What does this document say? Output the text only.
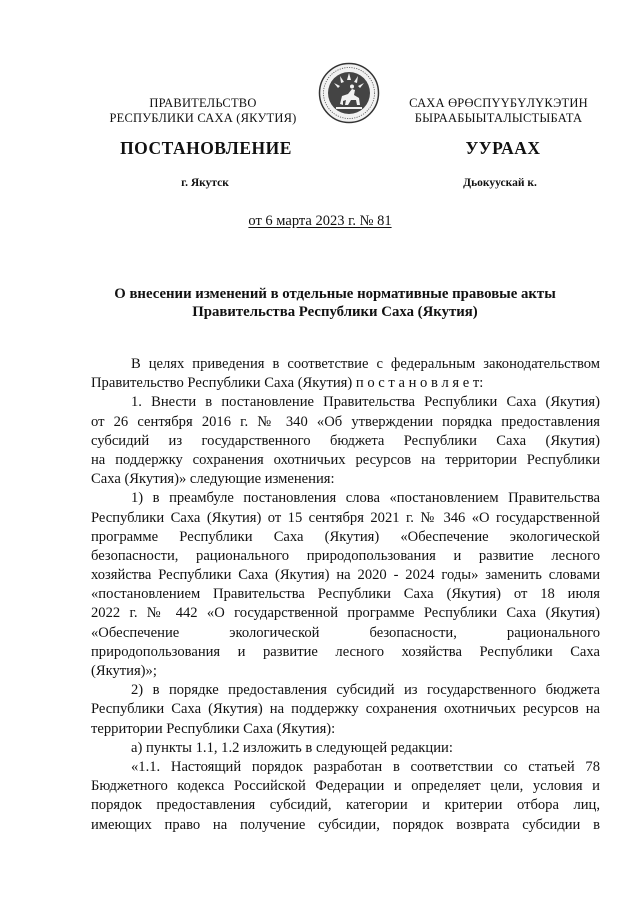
ПРАВИТЕЛЬСТВО
РЕСПУБЛИКИ САХА (ЯКУТИЯ)
САХА ӨРӨСПҮҮБҮЛҮКЭТИН
БЫРААБЫЫТАЛЫСТЫБАТА
ПОСТАНОВЛЕНИЕ	УУРААХ
г. Якутск	Дьокуускай к.
от 6 марта 2023 г. № 81
О внесении изменений в отдельные нормативные правовые акты
Правительства Республики Саха (Якутия)
В целях приведения в соответствие с федеральным законодательством
Правительство Республики Саха (Якутия) п о с т а н о в л я е т:
1. Внести в постановление Правительства Республики Саха (Якутия)
от 26 сентября 2016 г. № 340 «Об утверждении порядка предоставления
субсидий из государственного бюджета Республики Саха (Якутия)
на поддержку сохранения охотничьих ресурсов на территории Республики
Саха (Якутия)» следующие изменения:
1) в преамбуле постановления слова «постановлением Правительства
Республики Саха (Якутия) от 15 сентября 2021 г. № 346 «О государственной
программе Республики Саха (Якутия) «Обеспечение экологической
безопасности, рационального природопользования и развитие лесного
хозяйства Республики Саха (Якутия) на 2020 - 2024 годы» заменить словами
«постановлением Правительства Республики Саха (Якутия) от 18 июля
2022 г. № 442 «О государственной программе Республики Саха (Якутия)
«Обеспечение экологической безопасности, рационального
природопользования и развитие лесного хозяйства Республики Саха
(Якутия)»;
2) в порядке предоставления субсидий из государственного бюджета
Республики Саха (Якутия) на поддержку сохранения охотничьих ресурсов на
территории Республики Саха (Якутия):
а) пункты 1.1, 1.2 изложить в следующей редакции:
«1.1. Настоящий порядок разработан в соответствии со статьей 78
Бюджетного кодекса Российской Федерации и определяет цели, условия и
порядок предоставления субсидий, категории и критерии отбора лиц,
имеющих право на получение субсидии, порядок возврата субсидии в
